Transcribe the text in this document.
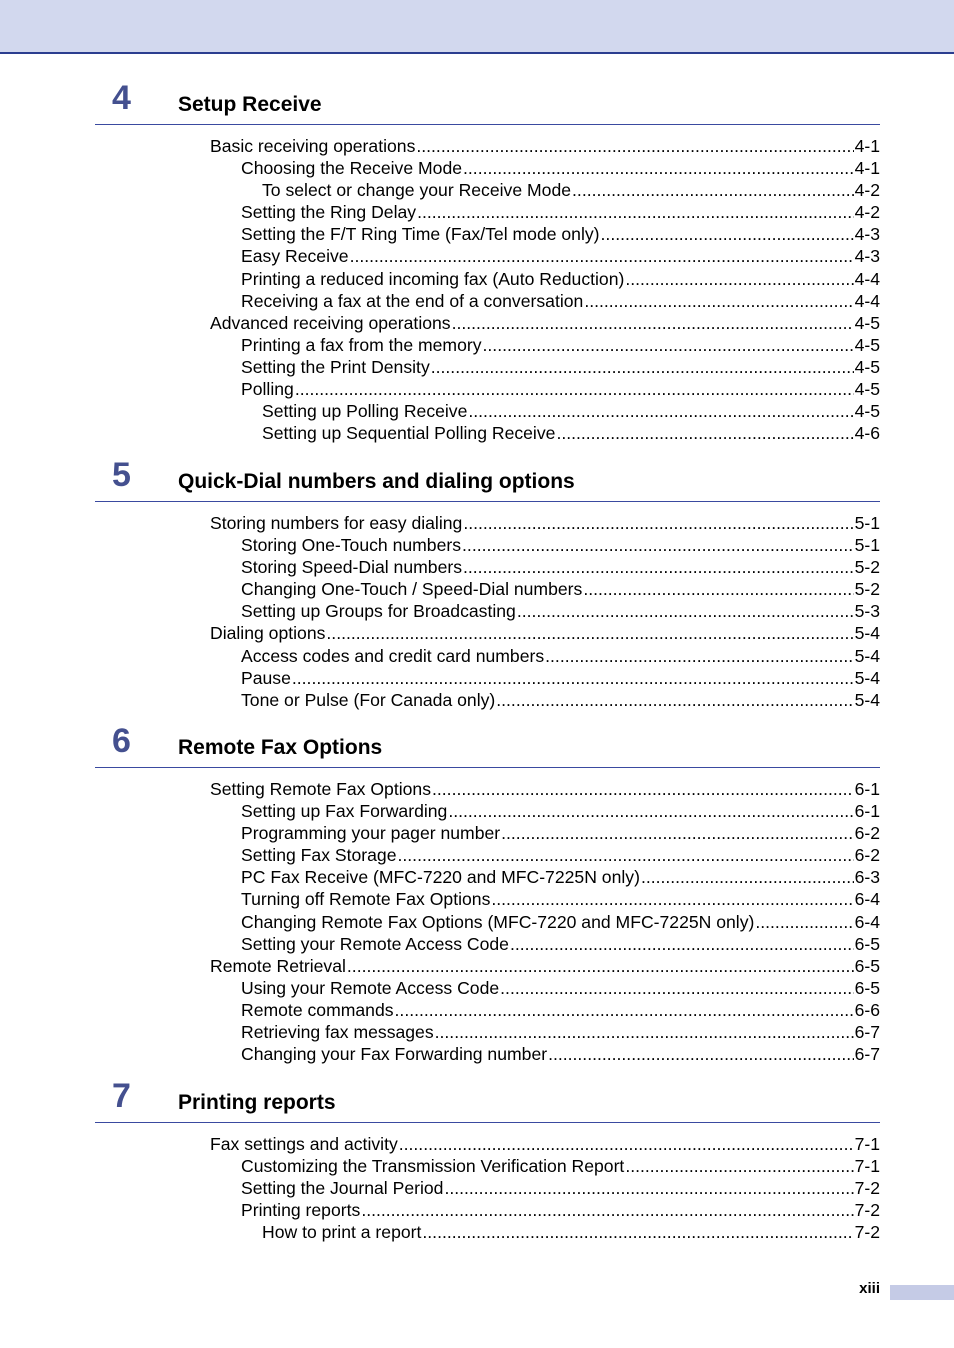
4 Setup Receive
Basic receiving operations .....	4-1
Choosing the Receive Mode .....	4-1
To select or change your Receive Mode .....	4-2
Setting the Ring Delay .....	4-2
Setting the F/T Ring Time (Fax/Tel mode only) .....	4-3
Easy Receive .....	4-3
Printing a reduced incoming fax (Auto Reduction) .....	4-4
Receiving a fax at the end of a conversation .....	4-4
Advanced receiving operations .....	4-5
Printing a fax from the memory .....	4-5
Setting the Print Density .....	4-5
Polling .....	4-5
Setting up Polling Receive .....	4-5
Setting up Sequential Polling Receive .....	4-6
5 Quick-Dial numbers and dialing options
Storing numbers for easy dialing .....	5-1
Storing One-Touch numbers .....	5-1
Storing Speed-Dial numbers .....	5-2
Changing One-Touch / Speed-Dial numbers .....	5-2
Setting up Groups for Broadcasting .....	5-3
Dialing options .....	5-4
Access codes and credit card numbers .....	5-4
Pause .....	5-4
Tone or Pulse (For Canada only) .....	5-4
6 Remote Fax Options
Setting Remote Fax Options .....	6-1
Setting up Fax Forwarding .....	6-1
Programming your pager number .....	6-2
Setting Fax Storage .....	6-2
PC Fax Receive (MFC-7220 and MFC-7225N only) .....	6-3
Turning off Remote Fax Options .....	6-4
Changing Remote Fax Options (MFC-7220 and MFC-7225N only) .....	6-4
Setting your Remote Access Code .....	6-5
Remote Retrieval .....	6-5
Using your Remote Access Code .....	6-5
Remote commands .....	6-6
Retrieving fax messages .....	6-7
Changing your Fax Forwarding number .....	6-7
7 Printing reports
Fax settings and activity .....	7-1
Customizing the Transmission Verification Report .....	7-1
Setting the Journal Period .....	7-2
Printing reports .....	7-2
How to print a report .....	7-2
xiii
